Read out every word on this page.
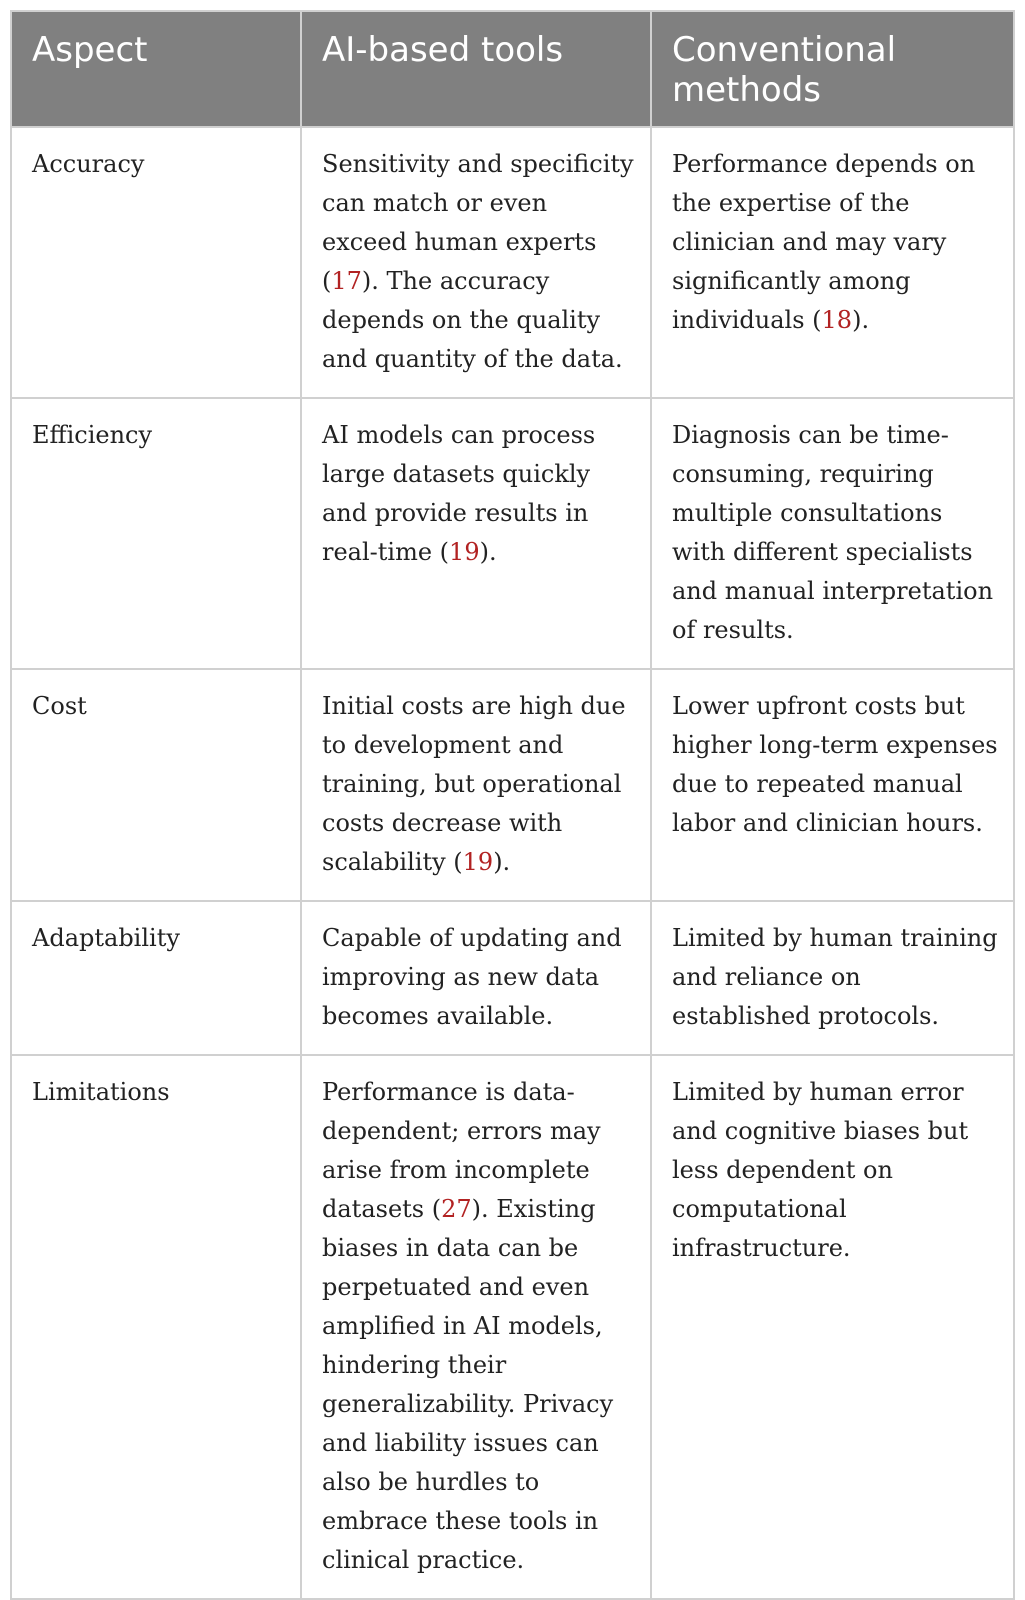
Aspect	AI-based tools	Conventional methods
Accuracy	Sensitivity and specificity can match or even exceed human experts (17). The accuracy depends on the quality and quantity of the data.	Performance depends on the expertise of the clinician and may vary significantly among individuals (18).
Efficiency	AI models can process large datasets quickly and provide results in real-time (19).	Diagnosis can be time-consuming, requiring multiple consultations with different specialists and manual interpretation of results.
Cost	Initial costs are high due to development and training, but operational costs decrease with scalability (19).	Lower upfront costs but higher long-term expenses due to repeated manual labor and clinician hours.
Adaptability	Capable of updating and improving as new data becomes available.	Limited by human training and reliance on established protocols.
Limitations	Performance is data-dependent; errors may arise from incomplete datasets (27). Existing biases in data can be perpetuated and even amplified in AI models, hindering their generalizability. Privacy and liability issues can also be hurdles to embrace these tools in clinical practice.	Limited by human error and cognitive biases but less dependent on computational infrastructure.
